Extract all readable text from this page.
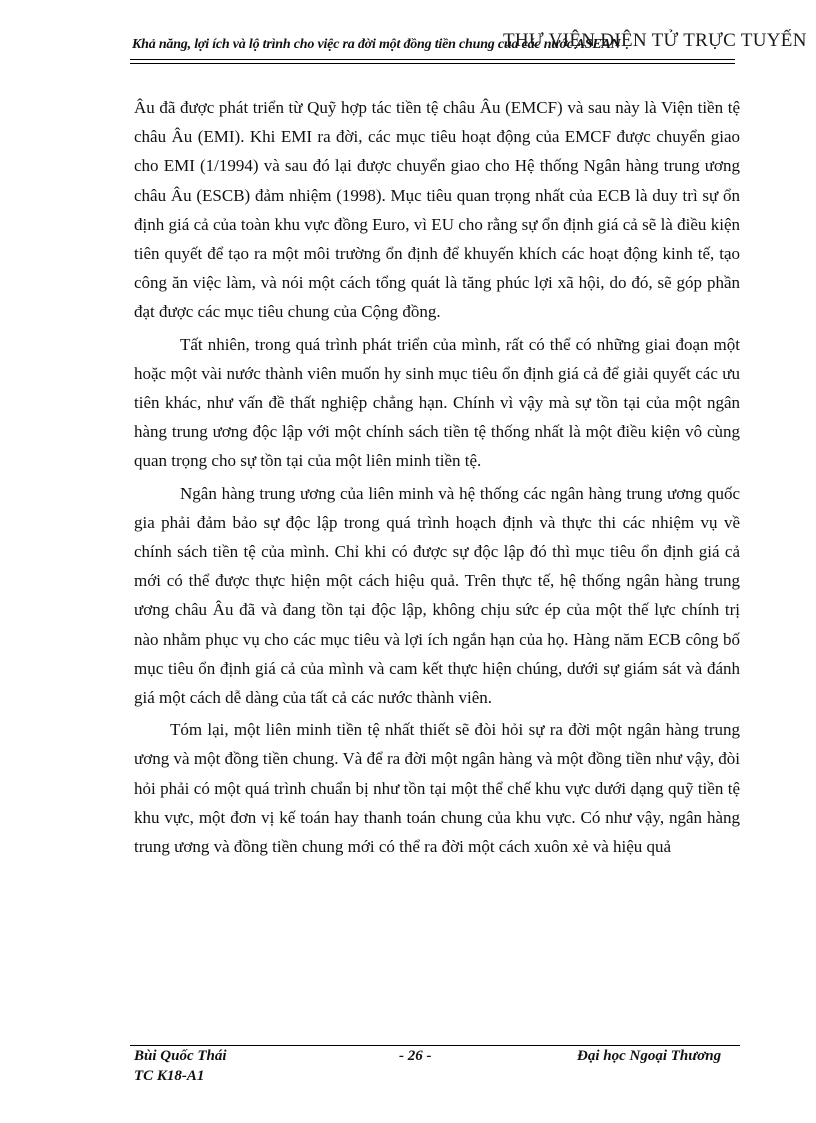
Khả năng, lợi ích và lộ trình cho việc ra đời một đồng tiền chung của các nước ASEAN
THƯ VIỆN ĐIỆN TỬ TRỰC TUYẾN

Âu đã được phát triển từ Quỹ hợp tác tiền tệ châu Âu (EMCF) và sau này là Viện tiền tệ châu Âu (EMI). Khi EMI ra đời, các mục tiêu hoạt động của EMCF được chuyển giao cho EMI (1/1994) và sau đó lại được chuyển giao cho Hệ thống Ngân hàng trung ương châu Âu (ESCB) đảm nhiệm (1998). Mục tiêu quan trọng nhất của ECB là duy trì sự ổn định giá cả của toàn khu vực đồng Euro, vì EU cho rằng sự ổn định giá cả sẽ là điều kiện tiên quyết để tạo ra một môi trường ổn định để khuyến khích các hoạt động kinh tế, tạo công ăn việc làm, và nói một cách tổng quát là tăng phúc lợi xã hội, do đó, sẽ góp phần đạt được các mục tiêu chung của Cộng đồng.

Tất nhiên, trong quá trình phát triển của mình, rất có thể có những giai đoạn một hoặc một vài nước thành viên muốn hy sinh mục tiêu ổn định giá cả để giải quyết các ưu tiên khác, như vấn đề thất nghiệp chẳng hạn. Chính vì vậy mà sự tồn tại của một ngân hàng trung ương độc lập với một chính sách tiền tệ thống nhất là một điều kiện vô cùng quan trọng cho sự tồn tại của một liên minh tiền tệ.

Ngân hàng trung ương của liên minh và hệ thống các ngân hàng trung ương quốc gia phải đảm bảo sự độc lập trong quá trình hoạch định và thực thi các nhiệm vụ về chính sách tiền tệ của mình. Chỉ khi có được sự độc lập đó thì mục tiêu ổn định giá cả mới có thể được thực hiện một cách hiệu quả. Trên thực tế, hệ thống ngân hàng trung ương châu Âu đã và đang tồn tại độc lập, không chịu sức ép của một thế lực chính trị nào nhằm phục vụ cho các mục tiêu và lợi ích ngắn hạn của họ. Hàng năm ECB công bố mục tiêu ổn định giá cả của mình và cam kết thực hiện chúng, dưới sự giám sát và đánh giá một cách dễ dàng của tất cả các nước thành viên.

Tóm lại, một liên minh tiền tệ nhất thiết sẽ đòi hỏi sự ra đời một ngân hàng trung ương và một đồng tiền chung. Và để ra đời một ngân hàng và một đồng tiền như vậy, đòi hỏi phải có một quá trình chuẩn bị như tồn tại một thể chế khu vực dưới dạng quỹ tiền tệ khu vực, một đơn vị kế toán hay thanh toán chung của khu vực. Có như vậy, ngân hàng trung ương và đồng tiền chung mới có thể ra đời một cách xuôn xẻ và hiệu quả

Bùi Quốc Thái
TC K18-A1
- 26 -	Đại học Ngoại Thương
